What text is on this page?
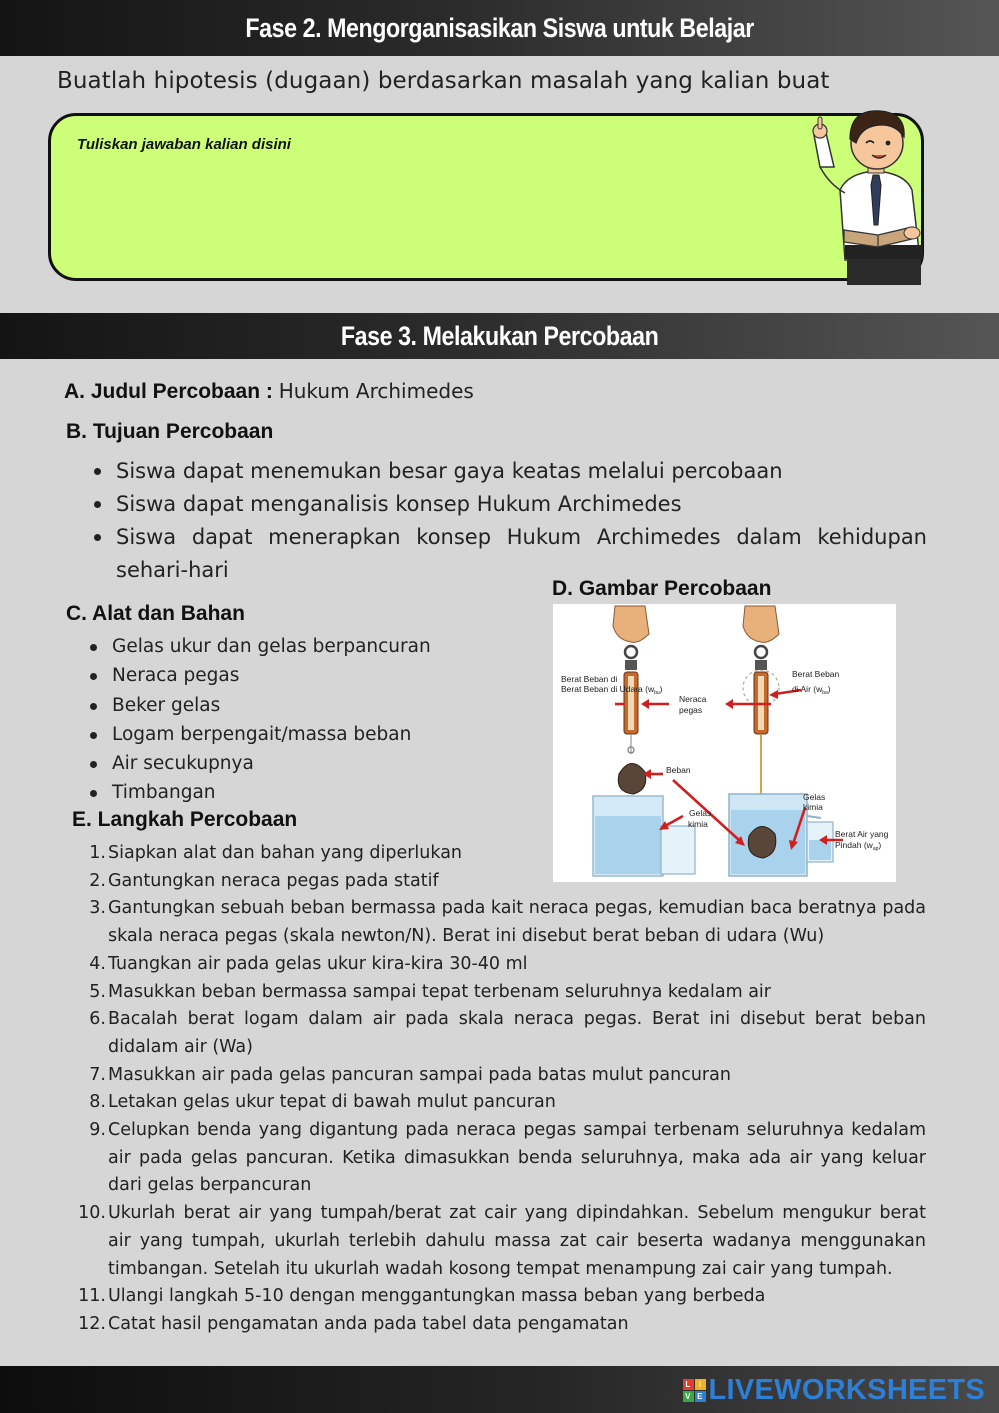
Fase 2. Mengorganisasikan Siswa untuk Belajar
Buatlah hipotesis (dugaan) berdasarkan masalah yang kalian buat
Tuliskan jawaban kalian disini
Fase 3. Melakukan Percobaan
A. Judul Percobaan : Hukum Archimedes
B. Tujuan Percobaan
Siswa dapat menemukan besar gaya keatas melalui percobaan
Siswa dapat menganalisis konsep Hukum Archimedes
Siswa dapat menerapkan konsep Hukum Archimedes dalam kehidupan sehari-hari
C. Alat dan Bahan
Gelas ukur dan gelas berpancuran
Neraca pegas
Beker gelas
Logam berpengait/massa beban
Air secukupnya
Timbangan
D. Gambar Percobaan
Berat Beban di
Berat Beban di Udara $(w_{bu})$
Neraca
pegas
Berat Beban
di Air $(w_{ba})$
Beban
Gelas
kimia
Gelas
kimia
Berat Air yang
Pindah $(w_{ap})$
E. Langkah Percobaan
1. Siapkan alat dan bahan yang diperlukan
2. Gantungkan neraca pegas pada statif
3. Gantungkan sebuah beban bermassa pada kait neraca pegas, kemudian baca beratnya pada skala neraca pegas (skala newton/N). Berat ini disebut berat beban di udara (Wu)
4. Tuangkan air pada gelas ukur kira-kira 30-40 ml
5. Masukkan beban bermassa sampai tepat terbenam seluruhnya kedalam air
6. Bacalah berat logam dalam air pada skala neraca pegas. Berat ini disebut berat beban didalam air (Wa)
7. Masukkan air pada gelas pancuran sampai pada batas mulut pancuran
8. Letakan gelas ukur tepat di bawah mulut pancuran
9. Celupkan benda yang digantung pada neraca pegas sampai terbenam seluruhnya kedalam air pada gelas pancuran. Ketika dimasukkan benda seluruhnya, maka ada air yang keluar dari gelas berpancuran
10. Ukurlah berat air yang tumpah/berat zat cair yang dipindahkan. Sebelum mengukur berat air yang tumpah, ukurlah terlebih dahulu massa zat cair beserta wadanya menggunakan timbangan. Setelah itu ukurlah wadah kosong tempat menampung zai cair yang tumpah.
11. Ulangi langkah 5-10 dengan menggantungkan massa beban yang berbeda
12. Catat hasil pengamatan anda pada tabel data pengamatan
L	I
V E LIVEWORKSHEETS
